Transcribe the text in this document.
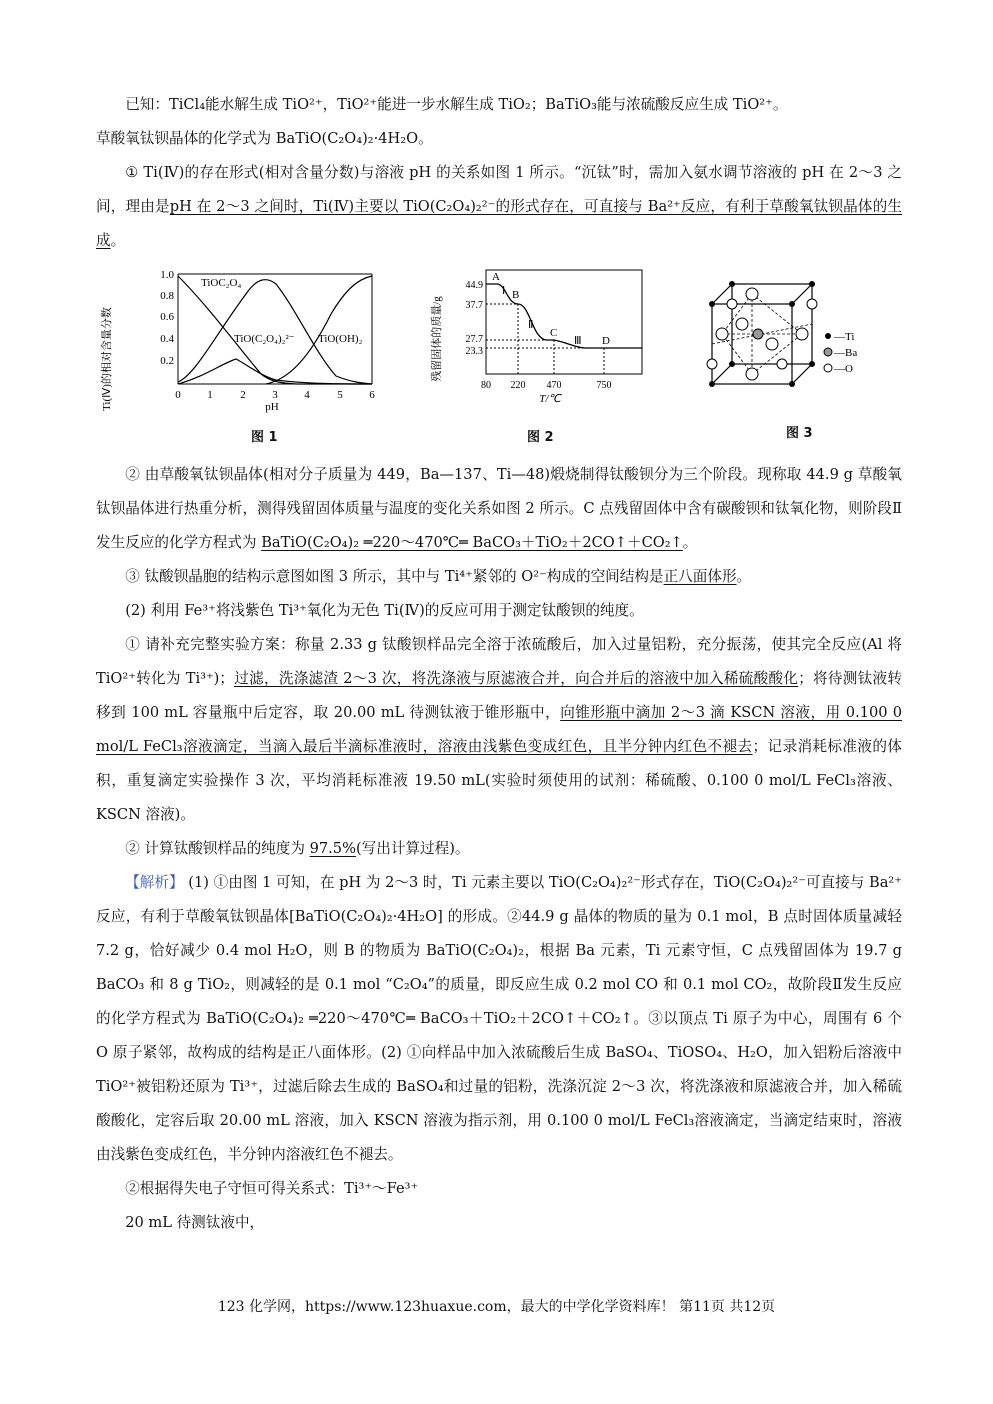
已知：TiCl₄能水解生成 TiO²⁺，TiO²⁺能进一步水解生成 TiO₂；BaTiO₃能与浓硫酸反应生成 TiO²⁺。

草酸氧钛钡晶体的化学式为 BaTiO(C₂O₄)₂·4H₂O。

① Ti(Ⅳ)的存在形式(相对含量分数)与溶液 pH 的关系如图 1 所示。“沉钛”时，需加入氨水调节溶液的 pH 在 2～3 之间，理由是pH 在 2～3 之间时，Ti(Ⅳ)主要以 TiO(C₂O₄)₂²⁻的形式存在，可直接与 Ba²⁺反应，有利于草酸氧钛钡晶体的生成。

Ti(Ⅳ)的相对含量分数
1.0
0.8
0.6
0.4
0.2
0 1	2 3 4	5 6
pH
TiOC₂O₄
TiO(C₂O₄)₂²⁻ TiO(OH)₂
图 1
残留固体的质量/g
44.9
37.7
27.7
23.3
80 220 470	750
T/℃
A
B
C
D
Ⅰ
Ⅱ
Ⅲ
图 2
—Ti
—Ba
—O
图 3

② 由草酸氧钛钡晶体(相对分子质量为 449，Ba—137、Ti—48)煅烧制得钛酸钡分为三个阶段。现称取 44.9 g 草酸氧钛钡晶体进行热重分析，测得残留固体质量与温度的变化关系如图 2 所示。C 点残留固体中含有碳酸钡和钛氧化物，则阶段Ⅱ发生反应的化学方程式为 BaTiO(C₂O₄)₂ ═220～470℃═ BaCO₃＋TiO₂＋2CO↑＋CO₂↑。

③ 钛酸钡晶胞的结构示意图如图 3 所示，其中与 Ti⁴⁺紧邻的 O²⁻构成的空间结构是正八面体形。

(2) 利用 Fe³⁺将浅紫色 Ti³⁺氧化为无色 Ti(Ⅳ)的反应可用于测定钛酸钡的纯度。

① 请补充完整实验方案：称量 2.33 g 钛酸钡样品完全溶于浓硫酸后，加入过量铝粉，充分振荡，使其完全反应(Al 将 TiO²⁺转化为 Ti³⁺)；过滤，洗涤滤渣 2～3 次，将洗涤液与原滤液合并，向合并后的溶液中加入稀硫酸酸化；将待测钛液转移到 100 mL 容量瓶中后定容，取 20.00 mL 待测钛液于锥形瓶中，向锥形瓶中滴加 2～3 滴 KSCN 溶液，用 0.100 0 mol/L FeCl₃溶液滴定，当滴入最后半滴标准液时，溶液由浅紫色变成红色，且半分钟内红色不褪去；记录消耗标准液的体积，重复滴定实验操作 3 次，平均消耗标准液 19.50 mL(实验时须使用的试剂：稀硫酸、0.100 0 mol/L FeCl₃溶液、KSCN 溶液)。

② 计算钛酸钡样品的纯度为 97.5%(写出计算过程)。

【解析】 (1) ①由图 1 可知，在 pH 为 2～3 时，Ti 元素主要以 TiO(C₂O₄)₂²⁻形式存在，TiO(C₂O₄)₂²⁻可直接与 Ba²⁺反应，有利于草酸氧钛钡晶体[BaTiO(C₂O₄)₂·4H₂O] 的形成。②44.9 g 晶体的物质的量为 0.1 mol，B 点时固体质量减轻 7.2 g，恰好减少 0.4 mol H₂O，则 B 的物质为 BaTiO(C₂O₄)₂，根据 Ba 元素，Ti 元素守恒，C 点残留固体为 19.7 g BaCO₃ 和 8 g TiO₂，则减轻的是 0.1 mol “C₂O₄”的质量，即反应生成 0.2 mol CO 和 0.1 mol CO₂，故阶段Ⅱ发生反应的化学方程式为 BaTiO(C₂O₄)₂ ═220～470℃═ BaCO₃＋TiO₂＋2CO↑＋CO₂↑。③以顶点 Ti 原子为中心，周围有 6 个 O 原子紧邻，故构成的结构是正八面体形。(2) ①向样品中加入浓硫酸后生成 BaSO₄、TiOSO₄、H₂O，加入铝粉后溶液中 TiO²⁺被铝粉还原为 Ti³⁺，过滤后除去生成的 BaSO₄和过量的铝粉，洗涤沉淀 2～3 次，将洗涤液和原滤液合并，加入稀硫酸酸化，定容后取 20.00 mL 溶液，加入 KSCN 溶液为指示剂，用 0.100 0 mol/L FeCl₃溶液滴定，当滴定结束时，溶液由浅紫色变成红色，半分钟内溶液红色不褪去。

②根据得失电子守恒可得关系式：Ti³⁺～Fe³⁺

20 mL 待测钛液中，

123 化学网，https://www.123huaxue.com，最大的中学化学资料库！ 第11页 共12页
